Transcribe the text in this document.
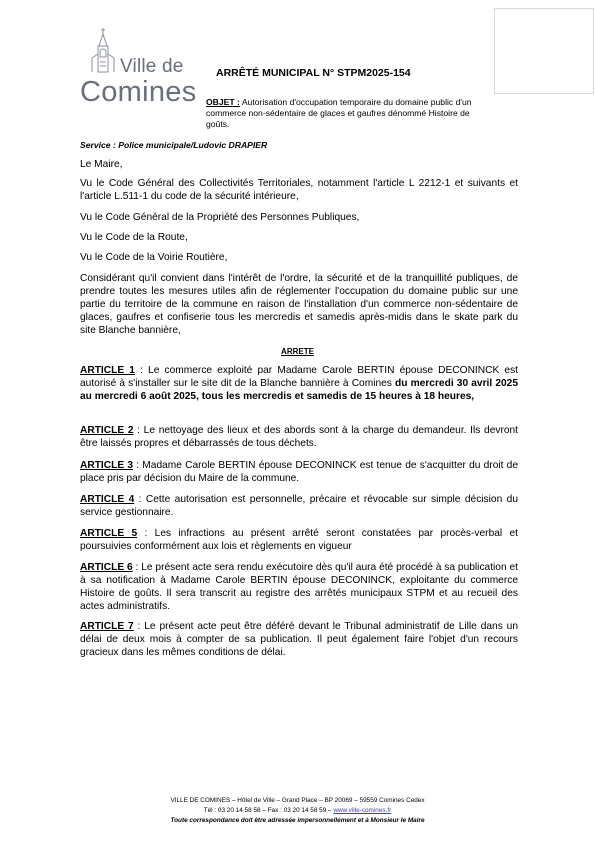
Ville de
Comines
ARRÊTÉ MUNICIPAL N° STPM2025-154
OBJET : Autorisation d'occupation temporaire du domaine public d'un commerce non-sédentaire de glaces et gaufres dénommé Histoire de goûts.
Service : Police municipale/Ludovic DRAPIER
Le Maire,
Vu le Code Général des Collectivités Territoriales, notamment l'article L 2212-1 et suivants et l'article L.511-1 du code de la sécurité intérieure,
Vu le Code Général de la Propriété des Personnes Publiques,
Vu le Code de la Route,
Vu le Code de la Voirie Routière,
Considérant qu'il convient dans l'intérêt de l'ordre, la sécurité et de la tranquillité publiques, de prendre toutes les mesures utiles afin de réglementer l'occupation du domaine public sur une partie du territoire de la commune en raison de l'installation d'un commerce non-sédentaire de glaces, gaufres et confiserie tous les mercredis et samedis après-midis dans le skate park du site Blanche bannière,
ARRETE
ARTICLE 1 : Le commerce exploité par Madame Carole BERTIN épouse DECONINCK est autorisé à s'installer sur le site dit de la Blanche bannière à Comines du mercredi 30 avril 2025 au mercredi 6 août 2025, tous les mercredis et samedis de 15 heures à 18 heures,
ARTICLE 2 : Le nettoyage des lieux et des abords sont à la charge du demandeur. Ils devront être laissés propres et débarrassés de tous déchets.
ARTICLE 3 : Madame Carole BERTIN épouse DECONINCK est tenue de s'acquitter du droit de place pris par décision du Maire de la commune.
ARTICLE 4 : Cette autorisation est personnelle, précaire et révocable sur simple décision du service gestionnaire.
ARTICLE 5 : Les infractions au présent arrêté seront constatées par procès-verbal et poursuivies conformément aux lois et règlements en vigueur
ARTICLE 6 : Le présent acte sera rendu exécutoire dès qu'il aura été procédé à sa publication et à sa notification à Madame Carole BERTIN épouse DECONINCK, exploitante du commerce Histoire de goûts. Il sera transcrit au registre des arrêtés municipaux STPM et au recueil des actes administratifs.
ARTICLE 7 : Le présent acte peut être déféré devant le Tribunal administratif de Lille dans un délai de deux mois à compter de sa publication. Il peut également faire l'objet d'un recours gracieux dans les mêmes conditions de délai.
VILLE DE COMINES – Hôtel de Ville – Grand Place – BP 20069 – 59559 Comines Cedex
Tél : 03 20 14 58 58 – Fax : 03 20 14 58 59 – www.ville-comines.fr
Toute correspondance doit être adressée impersonnellement et à Monsieur le Maire
